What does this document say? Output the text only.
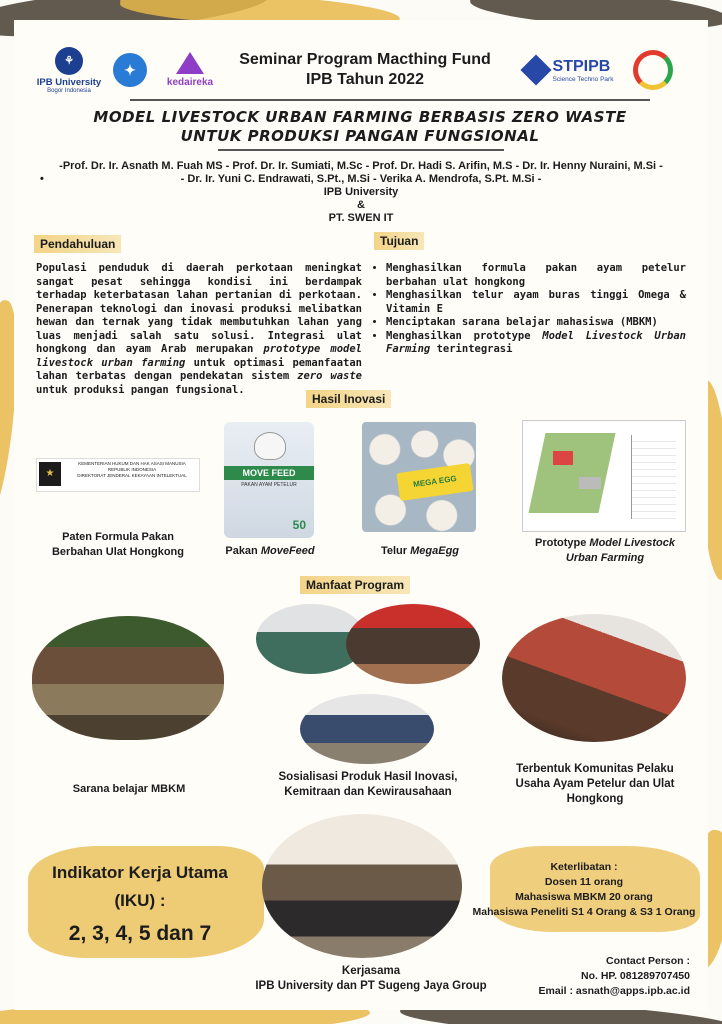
⚘
IPB University
Bogor Indonesia
✦
kedaireka
Seminar Program Macthing Fund
IPB Tahun 2022
STPIPB
Science Techno Park
MODEL LIVESTOCK URBAN FARMING BERBASIS ZERO WASTE
UNTUK PRODUKSI PANGAN FUNGSIONAL
-Prof. Dr. Ir. Asnath M. Fuah MS - Prof. Dr. Ir. Sumiati, M.Sc - Prof. Dr. Hadi S. Arifin, M.S - Dr. Ir. Henny Nuraini, M.Si -
•	- Dr. Ir. Yuni C. Endrawati, S.Pt., M.Si - Verika A. Mendrofa, S.Pt. M.Si -
IPB University
&
PT. SWEN IT
Pendahuluan
Populasi penduduk di daerah perkotaan meningkat sangat pesat sehingga kondisi ini berdampak terhadap keterbatasan lahan pertanian di perkotaan. Penerapan teknologi dan inovasi produksi melibatkan hewan dan ternak yang tidak membutuhkan lahan yang luas menjadi salah satu solusi. Integrasi ulat hongkong dan ayam Arab merupakan prototype model livestock urban farming untuk optimasi pemanfaatan lahan terbatas dengan pendekatan sistem zero waste untuk produksi pangan fungsional.
Tujuan
• Menghasilkan formula pakan ayam petelur berbahan ulat hongkong
• Menghasilkan telur ayam buras tinggi Omega & Vitamin E
• Menciptakan sarana belajar mahasiswa (MBKM)
• Menghasilkan prototype Model Livestock Urban Farming terintegrasi
Hasil Inovasi
★
KEMENTERIAN HUKUM DAN HAK ASASI MANUSIA
REPUBLIK INDONESIA
DIREKTORAT JENDERAL KEKAYAAN INTELEKTUAL	MOVE FEED
PAKAN AYAM PETELUR
50
MEGA EGG
Paten Formula Pakan
Berbahan Ulat Hongkong	Pakan MoveFeed	Telur MegaEgg
Prototype Model Livestock
Urban Farming
Manfaat Program
Sarana belajar MBKM
Sosialisasi Produk Hasil Inovasi,
Kemitraan dan Kewirausahaan
Terbentuk Komunitas Pelaku
Usaha Ayam Petelur dan Ulat
Hongkong
Indikator Kerja Utama
(IKU) :
2, 3, 4, 5 dan 7
Kerjasama
IPB University dan PT Sugeng Jaya Group
Keterlibatan :
Dosen 11 orang
Mahasiswa MBKM 20 orang
Mahasiswa Peneliti S1 4 Orang & S3 1 Orang
Contact Person :
No. HP. 081289707450
Email : asnath@apps.ipb.ac.id
